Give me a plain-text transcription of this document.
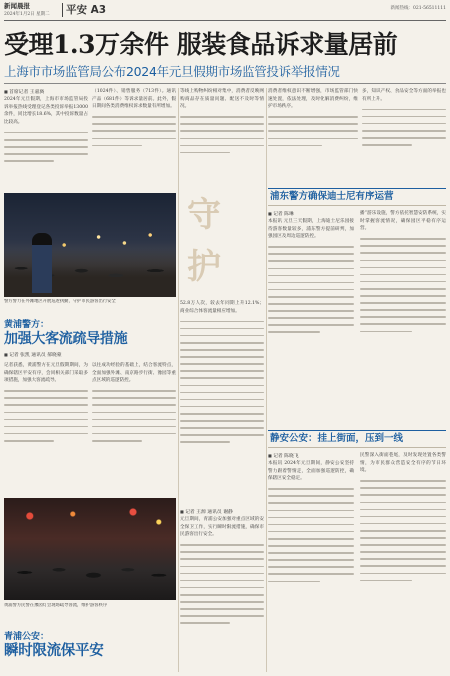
新闻晨报
2024年1月2日 星期二	平安 A3	新闻热线：021-56511111
受理1.3万余件 服装食品诉求量居前
上海市市场监管局公布2024年元旦假期市场监管投诉举报情况
■ 首席记者 王嘉旖

2024年元旦假期，上海市市场监管局投诉举报热线受理登记各类投诉举报13000余件，同比增长18.6%，其中投诉数量占比较高。

（1024件）、销售服务（713件）。通讯产品（681件）等诉求量居前。此外，假日期间各类消费维权诉求数量有所增加。

等线上购物纠纷相对集中，消费者反映网购商品存在质量问题、配送不及时等情况。

消费者维权意识不断增强，市场监管部门快速处置，依法处理，及时化解消费纠纷，维护市场秩序。

多，知识产权、食品安全等方面的举报也有所上升。

警方警力在外滩地区开展巡逻执勤，守护市民游客出行安全
守
护

52.8万人次，较去年同期上升12.1%；商业综合体客流量相应增加。

黄浦警方：
加强大客流疏导措施
■ 记者 张凯 通讯员 郝晓蒙

记者获悉，黄浦警方在元旦假期期间，为确保辖区平安有序，会同相关部门采取多项措施，加强大客流疏导。

以往成功经验的基础上，结合客流特点，全面加强外滩、南京路步行街、豫园等重点区域的巡逻防控。

黄浦警方民警在豫园灯会现场疏导客流，维护游客秩序
青浦公安：
瞬时限流保平安
■ 记者 王源 通讯员 谢静

元旦期间，青浦公安加强对重点区域的安全保卫工作，实行瞬时限流措施，确保市民游客出行安全。

浦东警方确保迪士尼有序运营
■ 记者 陈琳

本报讯 元旦三天假期，上海迪士尼乐园接待游客数量较多，浦东警方提前研判，加强园区及周边巡逻防控。

播”游乐设施，警方依托智慧安防系统，实时掌握客流情况，确保园区平稳有序运营。

静安公安：挂上街面，压到一线
■ 记者 陈晓飞

本报讯 2024年元旦期间，静安公安坚持警力跟着警情走，全面加强巡逻防控，确保辖区安全稳定。

民警深入街面巷尾，及时发现处置各类警情，为市民群众营造安全有序的节日环境。
